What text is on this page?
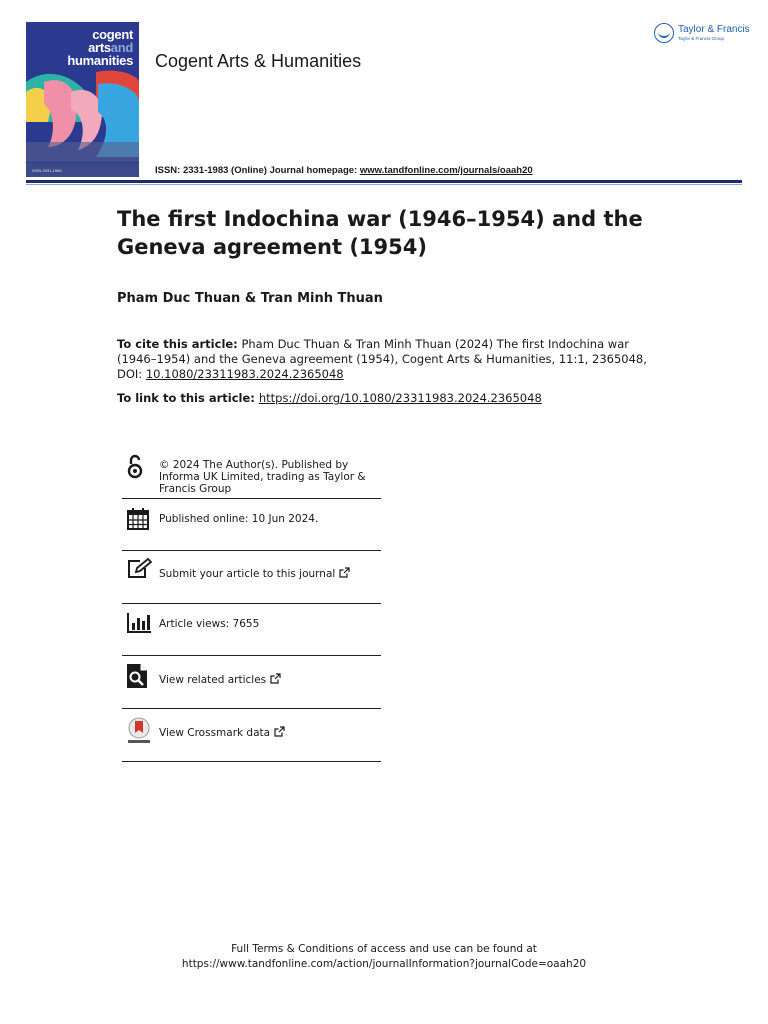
cogent
artsand
humanities
ISSN 2331-1983
Cogent Arts & Humanities
Taylor & Francis
Taylor & Francis Group
ISSN: 2331-1983 (Online) Journal homepage: www.tandfonline.com/journals/oaah20
The first Indochina war (1946–1954) and the Geneva agreement (1954)
Pham Duc Thuan & Tran Minh Thuan
To cite this article: Pham Duc Thuan & Tran Minh Thuan (2024) The first Indochina war (1946–1954) and the Geneva agreement (1954), Cogent Arts & Humanities, 11:1, 2365048, DOI: 10.1080/23311983.2024.2365048
To link to this article: https://doi.org/10.1080/23311983.2024.2365048
© 2024 The Author(s). Published by Informa UK Limited, trading as Taylor & Francis Group
Published online: 10 Jun 2024.
Submit your article to this journal
Article views: 7655
View related articles
View Crossmark data
Full Terms & Conditions of access and use can be found at
https://www.tandfonline.com/action/journalInformation?journalCode=oaah20
